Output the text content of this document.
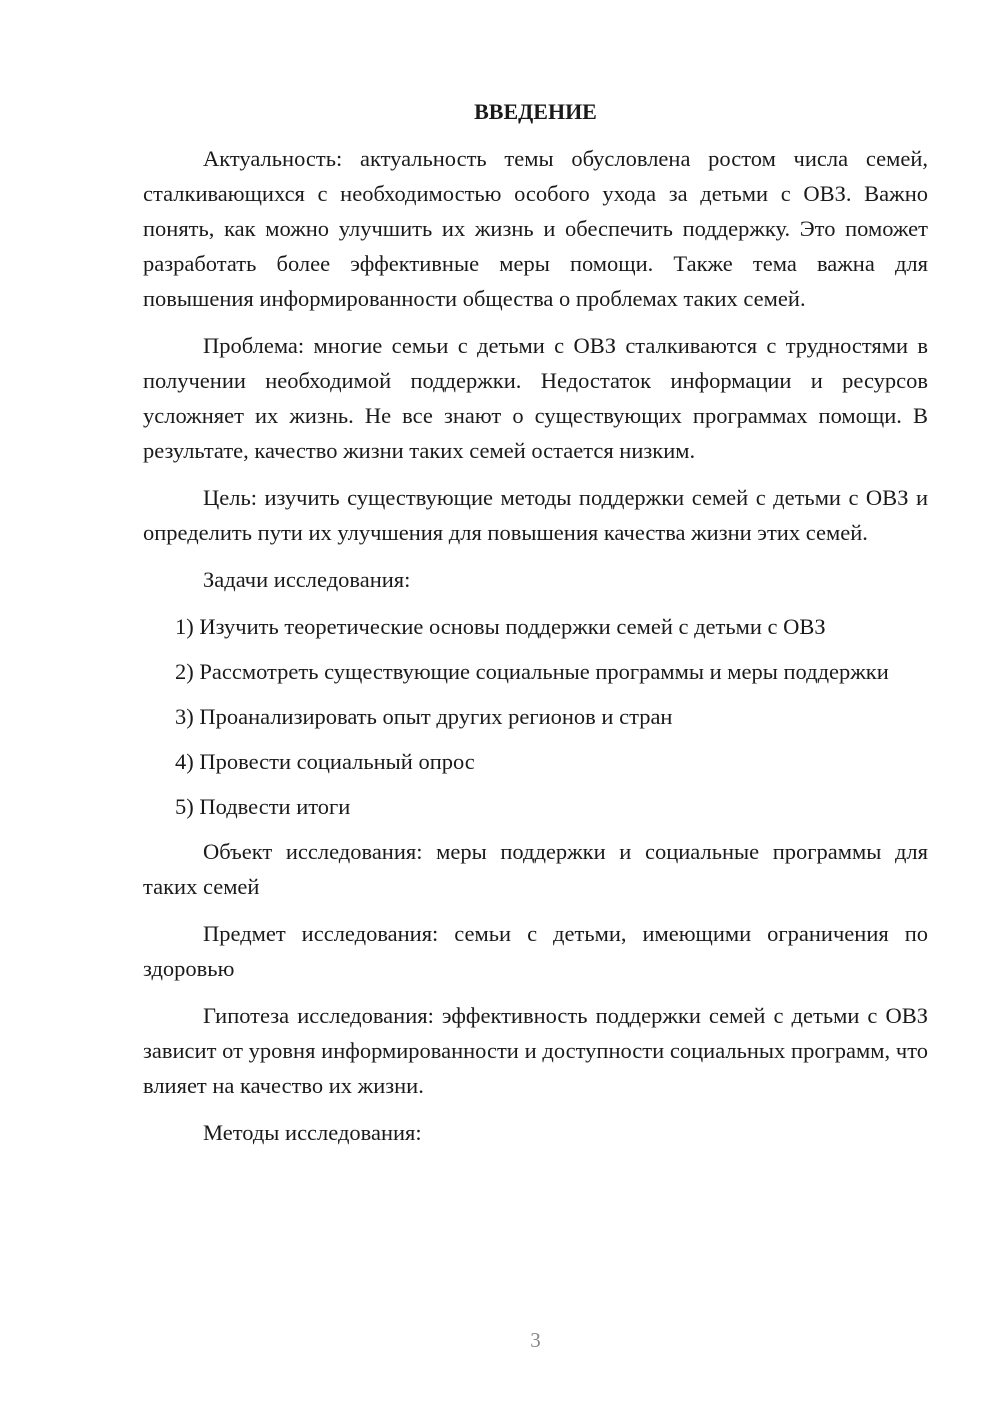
ВВЕДЕНИЕ

Актуальность: актуальность темы обусловлена ростом числа семей, сталкивающихся с необходимостью особого ухода за детьми с ОВЗ. Важно понять, как можно улучшить их жизнь и обеспечить поддержку. Это поможет разработать более эффективные меры помощи. Также тема важна для повышения информированности общества о проблемах таких семей.

Проблема: многие семьи с детьми с ОВЗ сталкиваются с трудностями в получении необходимой поддержки. Недостаток информации и ресурсов усложняет их жизнь. Не все знают о существующих программах помощи. В результате, качество жизни таких семей остается низким.

Цель: изучить существующие методы поддержки семей с детьми с ОВЗ и определить пути их улучшения для повышения качества жизни этих семей.

Задачи исследования:

1) Изучить теоретические основы поддержки семей с детьми с ОВЗ

2) Рассмотреть существующие социальные программы и меры поддержки

3) Проанализировать опыт других регионов и стран

4) Провести социальный опрос

5) Подвести итоги

Объект исследования: меры поддержки и социальные программы для таких семей

Предмет исследования: семьи с детьми, имеющими ограничения по здоровью

Гипотеза исследования: эффективность поддержки семей с детьми с ОВЗ зависит от уровня информированности и доступности социальных программ, что влияет на качество их жизни.

Методы исследования:

3
